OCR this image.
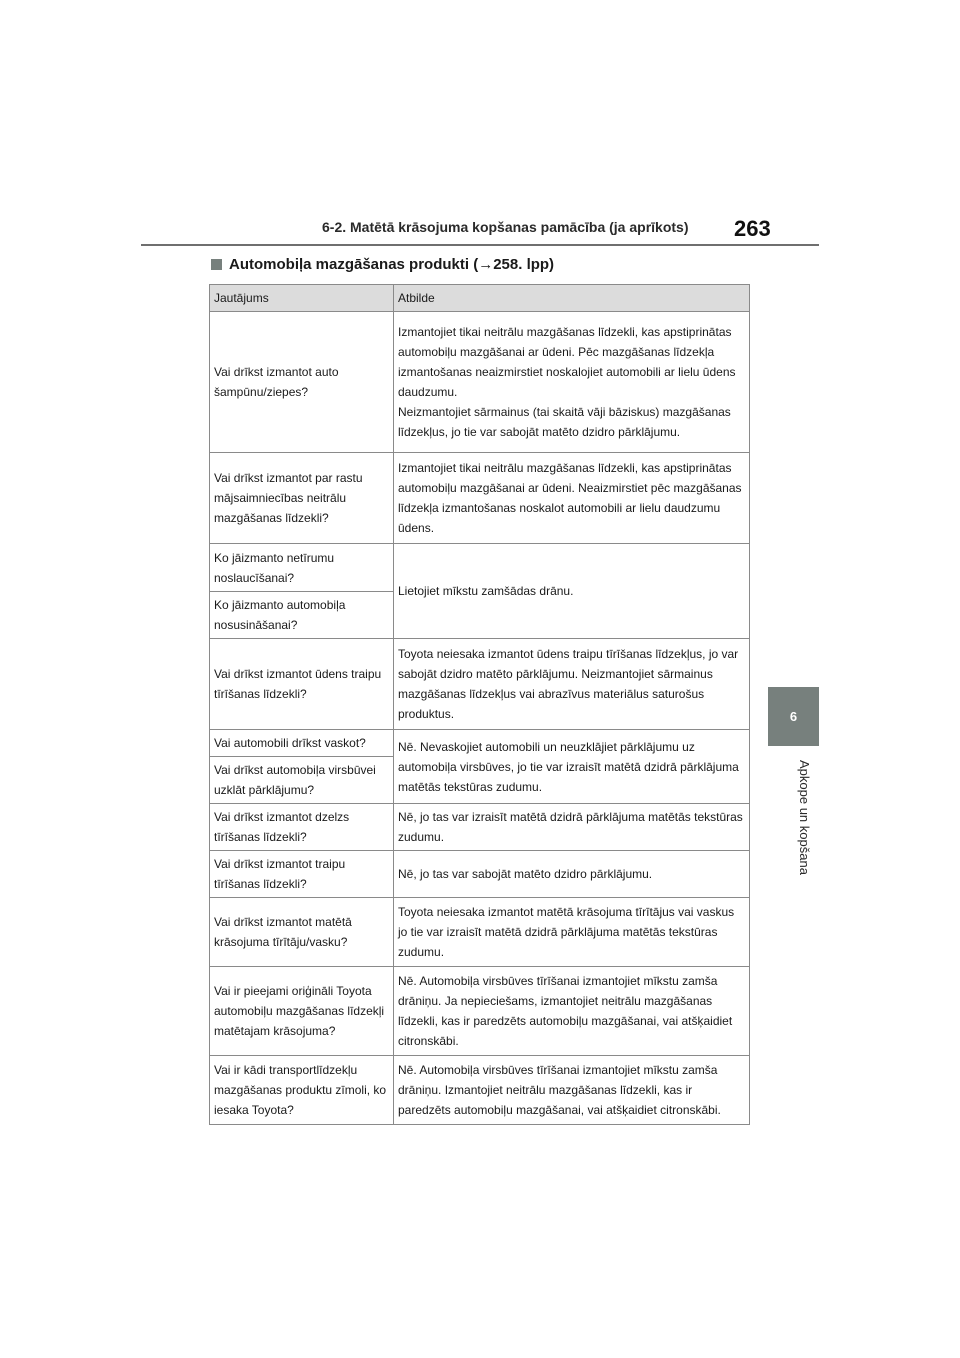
6-2. Matētā krāsojuma kopšanas pamācība (ja aprīkots) 263
6
Apkope un kopšana
Automobiļa mazgāšanas produkti ( → 258. lpp)
Jautājums	Atbilde
Vai drīkst izmantot auto šampūnu/ziepes?	Izmantojiet tikai neitrālu mazgāšanas līdzekli, kas apstiprinātas automobiļu mazgāšanai ar ūdeni. Pēc mazgāšanas līdzekļa izmantošanas neaizmirstiet noskalojiet automobili ar lielu ūdens daudzumu.
Neizmantojiet sārmainus (tai skaitā vāji bāziskus) mazgāšanas līdzekļus, jo tie var sabojāt matēto dzidro pārklājumu.

Vai drīkst izmantot par rastu mājsaimniecības neitrālu mazgāšanas līdzekli?	Izmantojiet tikai neitrālu mazgāšanas līdzekli, kas apstiprinātas automobiļu mazgāšanai ar ūdeni. Neaizmirstiet pēc mazgāšanas līdzekļa izmantošanas noskalot automobili ar lielu daudzumu ūdens.
Ko jāizmanto netīrumu noslaucīšanai?	Lietojiet mīkstu zamšādas drānu.
Ko jāizmanto automobiļa nosusināšanai?	
Vai drīkst izmantot ūdens traipu tīrīšanas līdzekli?	Toyota neiesaka izmantot ūdens traipu tīrīšanas līdzekļus, jo var sabojāt dzidro matēto pārklājumu. Neizmantojiet sārmainus mazgāšanas līdzekļus vai abrazīvus materiālus saturošus produktus.
Vai automobili drīkst vaskot?	Nē. Nevaskojiet automobili un neuzklājiet pārklājumu uz automobiļa virsbūves, jo tie var izraisīt matētā dzidrā pārklājuma matētās tekstūras zudumu.
Vai drīkst automobiļa virsbūvei uzklāt pārklājumu?	
Vai drīkst izmantot dzelzs tīrīšanas līdzekli?	Nē, jo tas var izraisīt matētā dzidrā pārklājuma matētās tekstūras zudumu.
Vai drīkst izmantot traipu tīrīšanas līdzekli?	Nē, jo tas var sabojāt matēto dzidro pārklājumu.
Vai drīkst izmantot matētā krāsojuma tīrītāju/vasku?	Toyota neiesaka izmantot matētā krāsojuma tīrītājus vai vaskus jo tie var izraisīt matētā dzidrā pārklājuma matētās tekstūras zudumu.
Vai ir pieejami oriģināli Toyota automobiļu mazgāšanas līdzekļi matētajam krāsojuma?	Nē. Automobiļa virsbūves tīrīšanai izmantojiet mīkstu zamša drāniņu. Ja nepieciešams, izmantojiet neitrālu mazgāšanas līdzekli, kas ir paredzēts automobiļu mazgāšanai, vai atšķaidiet citronskābi.
Vai ir kādi transportlīdzekļu mazgāšanas produktu zīmoli, ko iesaka Toyota?	Nē. Automobiļa virsbūves tīrīšanai izmantojiet mīkstu zamša drāniņu. Izmantojiet neitrālu mazgāšanas līdzekli, kas ir paredzēts automobiļu mazgāšanai, vai atšķaidiet citronskābi.
